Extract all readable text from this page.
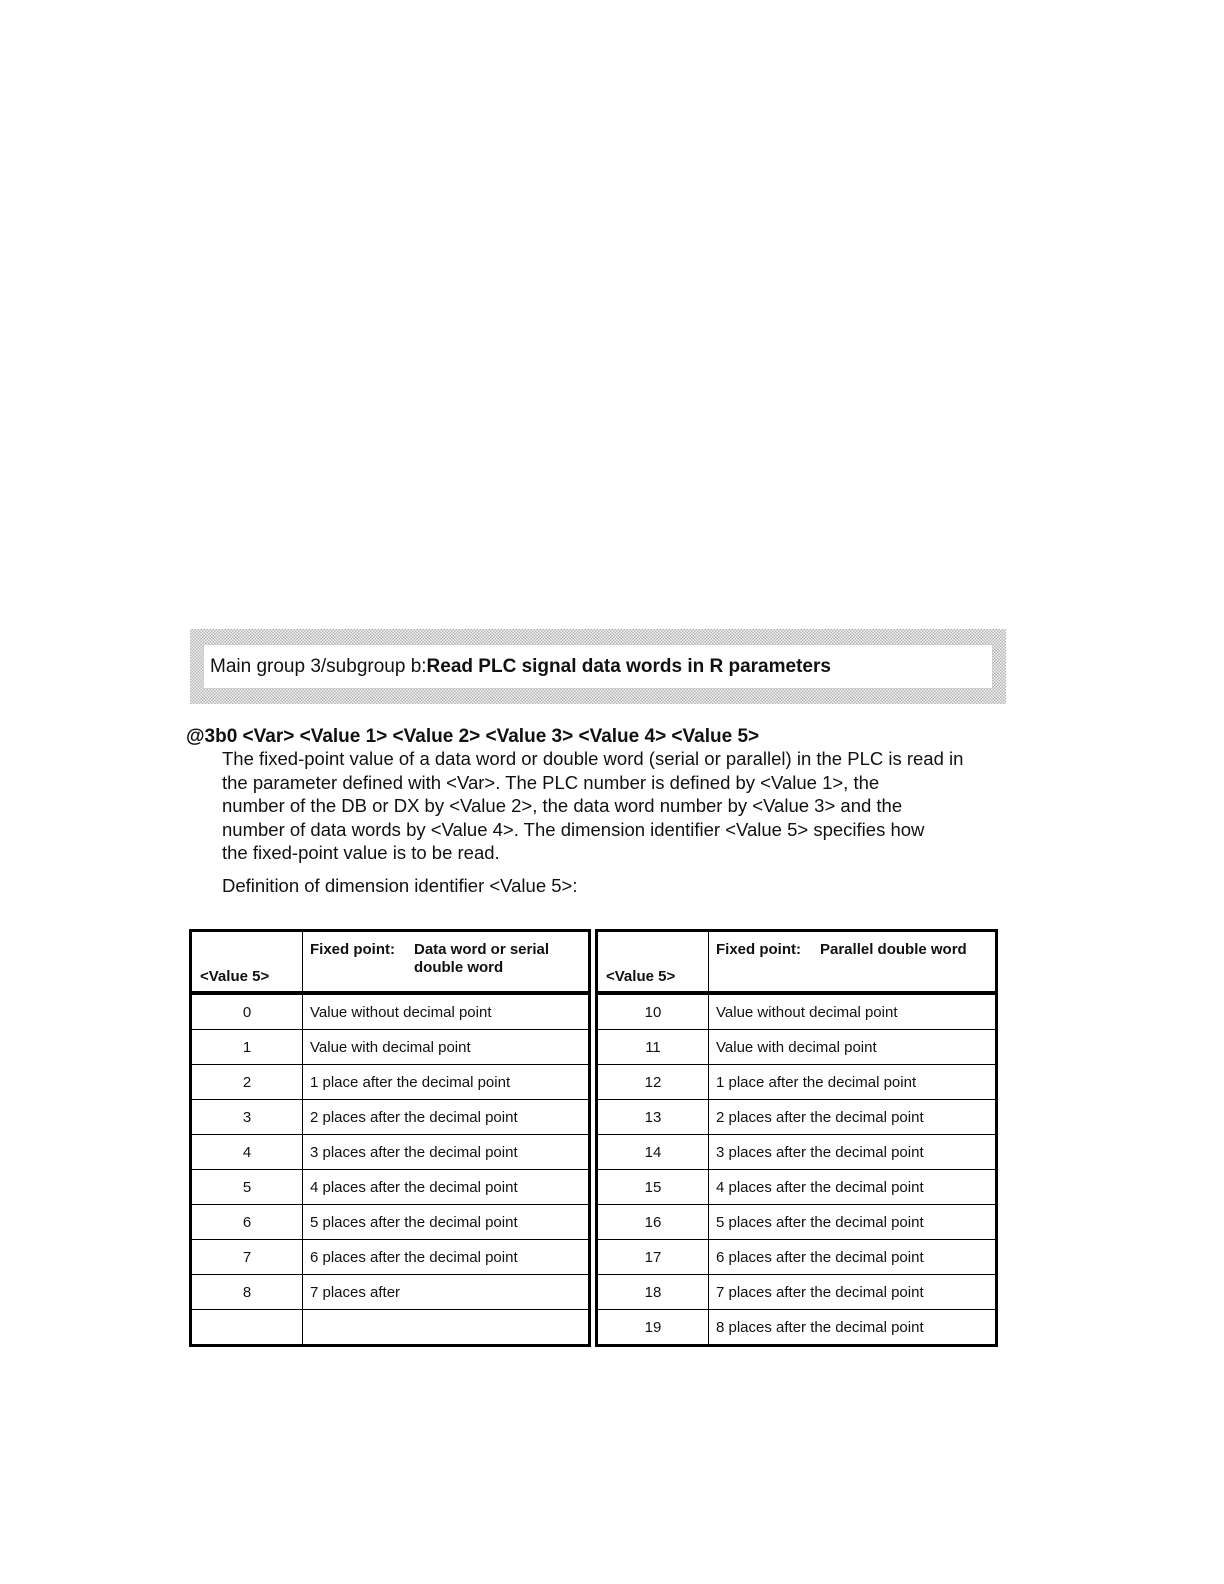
Main group 3/subgroup b: Read PLC signal data words in R parameters
@3b0 <Var> <Value 1> <Value 2> <Value 3> <Value 4> <Value 5>
The fixed-point value of a data word or double word (serial or parallel) in the PLC is read in
the parameter defined with <Var>. The PLC number is defined by <Value 1>, the
number of the DB or DX by <Value 2>, the data word number by <Value 3> and the
number of data words by <Value 4>. The dimension identifier <Value 5> specifies how
the fixed-point value is to be read.
Definition of dimension identifier <Value 5>:
<Value 5>	Fixed point: Data word or serial
double word

0	Value without decimal point
1	Value with decimal point
2	1 place after the decimal point
3	2 places after the decimal point
4	3 places after the decimal point
5	4 places after the decimal point
6	5 places after the decimal point
7	6 places after the decimal point
8	7 places after

<Value 5>	Fixed point: Parallel double word

10	Value without decimal point
11	Value with decimal point
12	1 place after the decimal point
13	2 places after the decimal point
14	3 places after the decimal point
15	4 places after the decimal point
16	5 places after the decimal point
17	6 places after the decimal point
18	7 places after the decimal point
19	8 places after the decimal point
